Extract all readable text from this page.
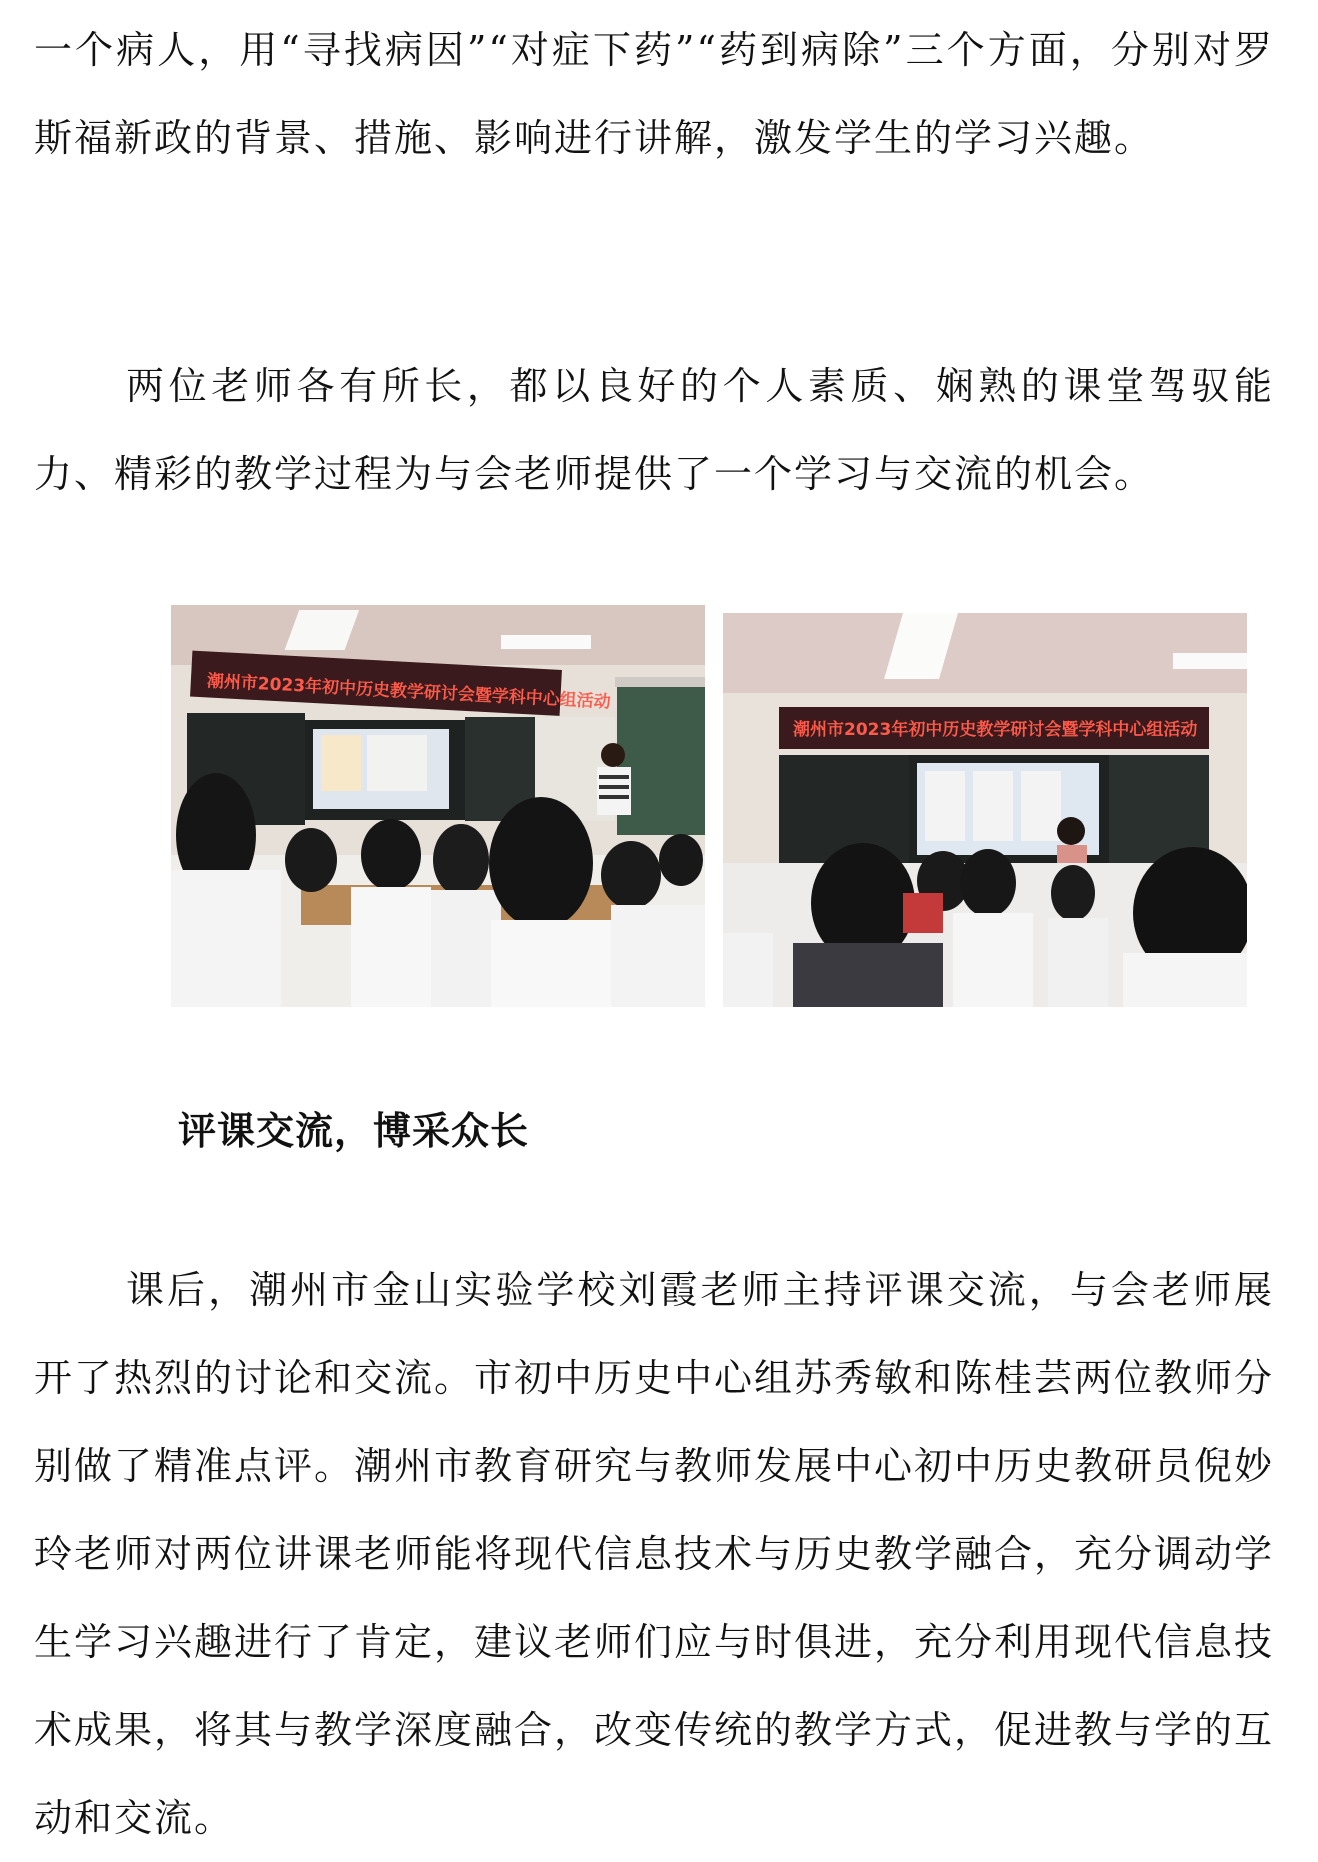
一个病人，用“寻找病因”“对症下药”“药到病除”三个方面，分别对罗斯福新政的背景、措施、影响进行讲解，激发学生的学习兴趣。

两位老师各有所长，都以良好的个人素质、娴熟的课堂驾驭能力、精彩的教学过程为与会老师提供了一个学习与交流的机会。

潮州市2023年初中历史教学研讨会暨学科中心组活动
潮州市2023年初中历史教学研讨会暨学科中心组活动
评课交流，博采众长

课后，潮州市金山实验学校刘霞老师主持评课交流，与会老师展开了热烈的讨论和交流。市初中历史中心组苏秀敏和陈桂芸两位教师分别做了精准点评。潮州市教育研究与教师发展中心初中历史教研员倪妙玲老师对两位讲课老师能将现代信息技术与历史教学融合，充分调动学生学习兴趣进行了肯定，建议老师们应与时俱进，充分利用现代信息技术成果，将其与教学深度融合，改变传统的教学方式，促进教与学的互动和交流。
